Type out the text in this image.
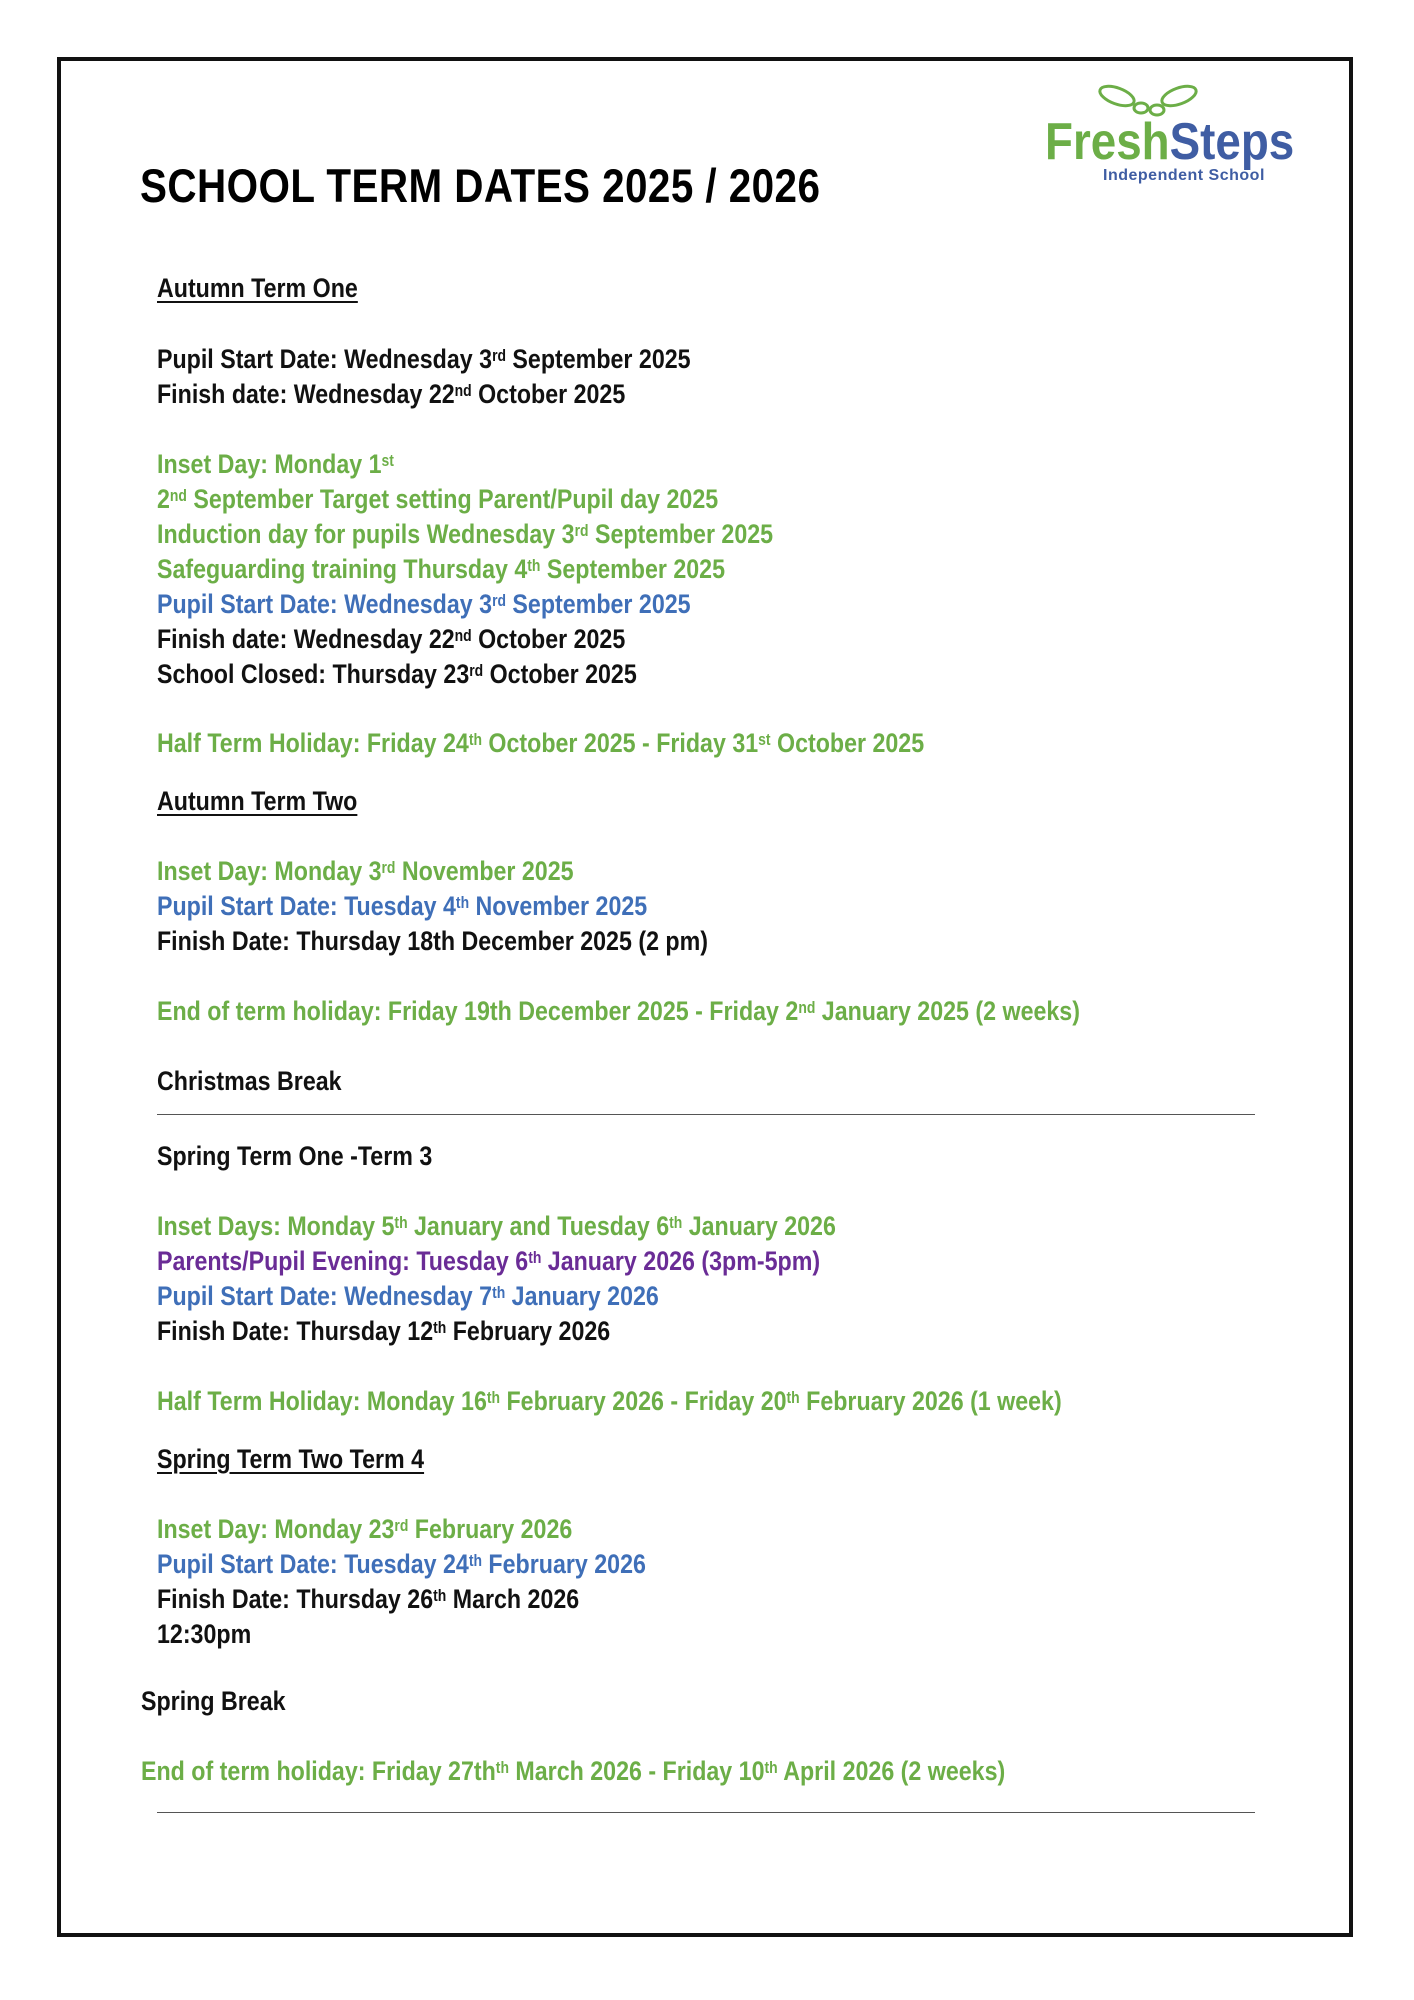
SCHOOL TERM DATES 2025 / 2026
FreshSteps
Independent School
Autumn Term One
Pupil Start Date: Wednesday 3rd September 2025
Finish date: Wednesday 22nd October 2025
Inset Day: Monday 1st
2nd September Target setting Parent/Pupil day 2025
Induction day for pupils Wednesday 3rd September 2025
Safeguarding training Thursday 4th September 2025
Pupil Start Date: Wednesday 3rd September 2025
Finish date: Wednesday 22nd October 2025
School Closed: Thursday 23rd October 2025
Half Term Holiday: Friday 24th October 2025 - Friday 31st October 2025
Autumn Term Two
Inset Day: Monday 3rd November 2025
Pupil Start Date: Tuesday 4th November 2025
Finish Date: Thursday 18th December 2025 (2 pm)
End of term holiday: Friday 19th December 2025 - Friday 2nd January 2025 (2 weeks)
Christmas Break
Spring Term One -Term 3
Inset Days: Monday 5th January and Tuesday 6th January 2026
Parents/Pupil Evening: Tuesday 6th January 2026 (3pm-5pm)
Pupil Start Date: Wednesday 7th January 2026
Finish Date: Thursday 12th February 2026
Half Term Holiday: Monday 16th February 2026 - Friday 20th February 2026 (1 week)
Spring Term Two Term 4
Inset Day: Monday 23rd February 2026
Pupil Start Date: Tuesday 24th February 2026
Finish Date: Thursday 26th March 2026
12:30pm
Spring Break
End of term holiday: Friday $27th^{th}$ March 2026 - Friday 10th April 2026 (2 weeks)
